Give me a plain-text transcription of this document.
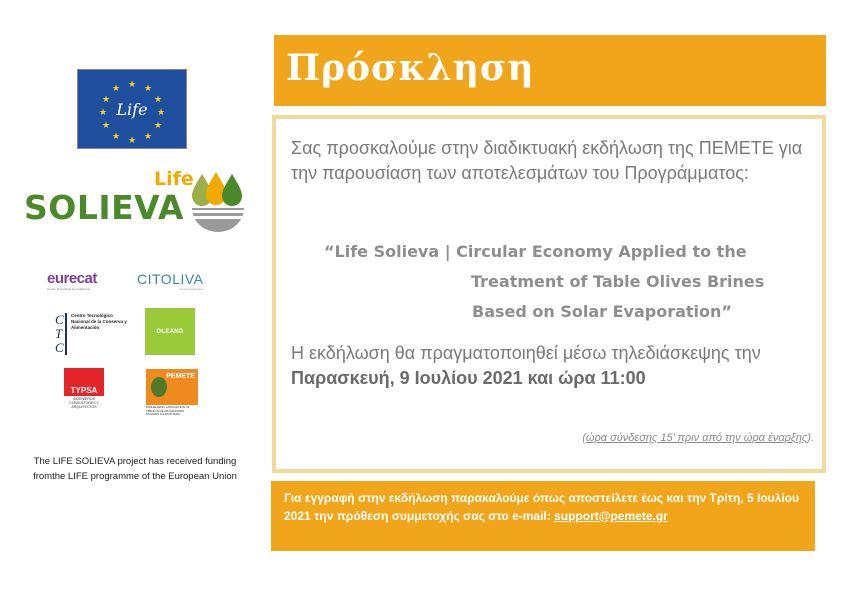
★ ★
★
★
★
★
★
★
★
★
★
★
Life
Life
SOLIEVA
eurecat
Centre Tecnològic de Catalunya
CITOLIVA
centro tecnológico
C
T
C
Centro Tecnológico Nacional de la Conserva y Alimentación
OLEAND
TYPSA
INGENIEROS CONSULTORES Y ARQUITECTOS
PEMETE
PANHELLENIC ASSOCIATION OF TABLE OLIVE PROCESSORS PACKERS & EXPORTERS
The LIFE SOLIEVA project has received funding fromthe LIFE programme of the European Union
Πρόσκληση
Σας προσκαλούμε στην διαδικτυακή εκδήλωση της ΠΕΜΕΤΕ για την παρουσίαση των αποτελεσμάτων του Προγράμματος:
“Life Solieva | Circular Economy Applied to the
Treatment of Table Olives Brines
Based on Solar Evaporation”
Η εκδήλωση θα πραγματοποιηθεί μέσω τηλεδιάσκεψης την Παρασκευή, 9 Ιουλίου 2021 και ώρα 11:00
(ώρα σύνδεσης 15’ πριν από την ώρα έναρξης).

Για εγγραφή στην εκδήλωση παρακαλούμε όπως αποστείλετε έως και την Τρίτη, 5 Ιουλίου 2021 την πρόθεση συμμετοχής σας στο e-mail: support@pemete.gr
